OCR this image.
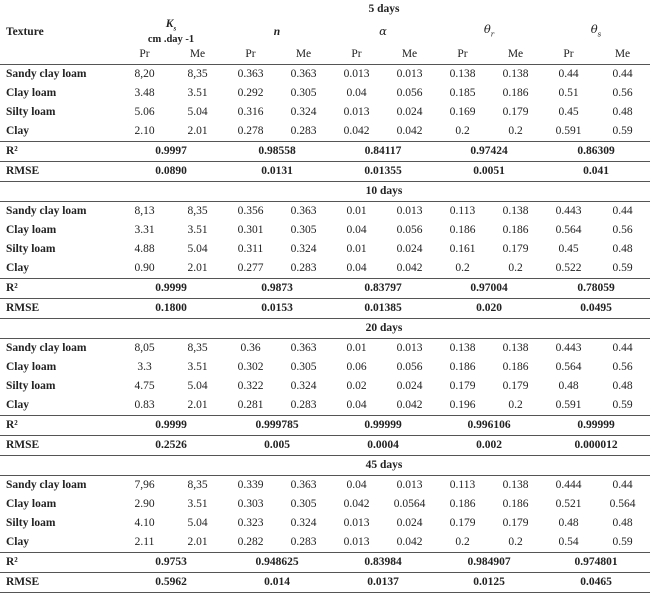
	5 days									
Texture	$K_s$
cm .day -1		n		α		$\theta_r$		$\theta_s$
	Pr	Me	Pr	Me	Pr	Me	Pr	Me	Pr	Me
Sandy clay loam	8,20	8,35	0.363	0.363	0.013	0.013	0.138	0.138	0.44	0.44
Clay loam	3.48	3.51	0.292	0.305	0.04	0.056	0.185	0.186	0.51	0.56
Silty loam	5.06	5.04	0.316	0.324	0.013	0.024	0.169	0.179	0.45	0.48
Clay	2.10	2.01	0.278	0.283	0.042	0.042	0.2	0.2	0.591	0.59
R²	0.9997		0.98558		0.84117		0.97424		0.86309	
RMSE	0.0890		0.0131		0.01355		0.0051		0.041	
	10 days									
Sandy clay loam	8,13	8,35	0.356	0.363	0.01	0.013	0.113	0.138	0.443	0.44
Clay loam	3.31	3.51	0.301	0.305	0.04	0.056	0.186	0.186	0.564	0.56
Silty loam	4.88	5.04	0.311	0.324	0.01	0.024	0.161	0.179	0.45	0.48
Clay	0.90	2.01	0.277	0.283	0.04	0.042	0.2	0.2	0.522	0.59
R²	0.9999		0.9873		0.83797		0.97004		0.78059	
RMSE	0.1800		0.0153		0.01385		0.020		0.0495	
	20 days									
Sandy clay loam	8,05	8,35	0.36	0.363	0.01	0.013	0.138	0.138	0.443	0.44
Clay loam	3.3	3.51	0.302	0.305	0.06	0.056	0.186	0.186	0.564	0.56
Silty loam	4.75	5.04	0.322	0.324	0.02	0.024	0.179	0.179	0.48	0.48
Clay	0.83	2.01	0.281	0.283	0.04	0.042	0.196	0.2	0.591	0.59
R²	0.9999		0.999785		0.99999		0.996106		0.99999	
RMSE	0.2526		0.005		0.0004		0.002		0.000012	
	45 days									
Sandy clay loam	7,96	8,35	0.339	0.363	0.04	0.013	0.113	0.138	0.444	0.44
Clay loam	2.90	3.51	0.303	0.305	0.042	0.0564	0.186	0.186	0.521	0.564
Silty loam	4.10	5.04	0.323	0.324	0.013	0.024	0.179	0.179	0.48	0.48
Clay	2.11	2.01	0.282	0.283	0.013	0.042	0.2	0.2	0.54	0.59
R²	0.9753		0.948625		0.83984		0.984907		0.974801	
RMSE	0.5962		0.014		0.0137		0.0125		0.0465	
